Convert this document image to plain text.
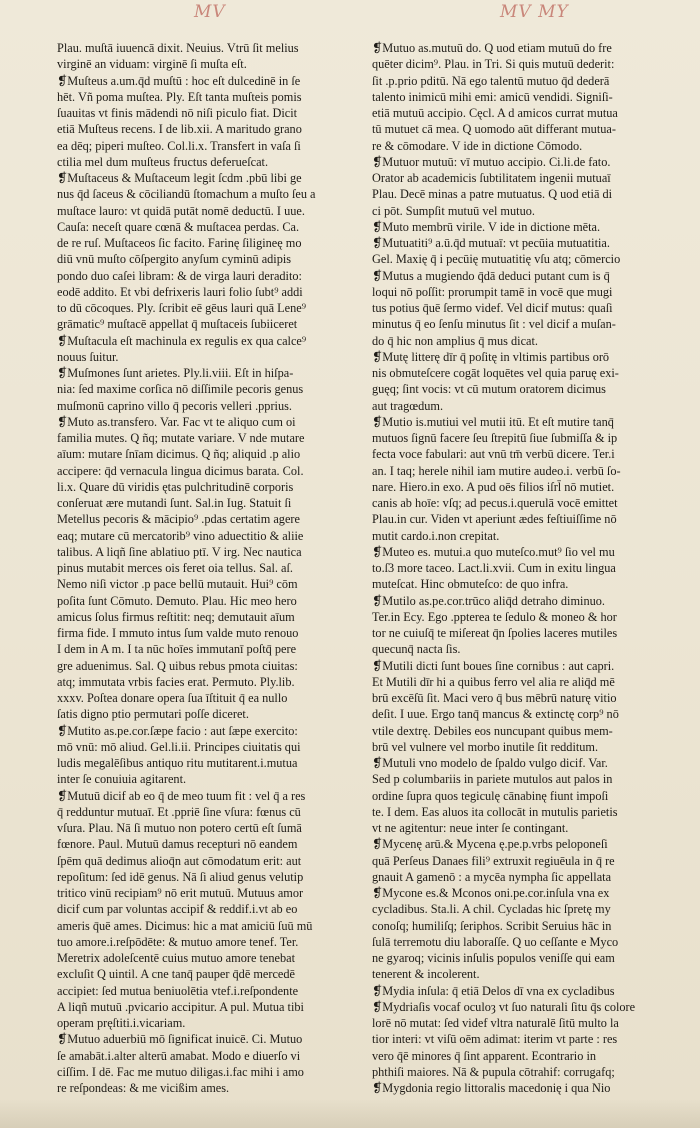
MV	MV MY
Plau. muſtā iuuencā dixit. Neuius. Vtrū ſit melius
virginē an viduam: virginē ſi muſta eſt.
❡Muſteus a.um.q̄d muſtū : hoc eſt dulcedinē in ſe
hēt. Vñ poma muſtea. Ply. Eſt tanta muſteis pomis
ſuauitas vt finis mādendi nō niſi piculo fiat. Dicit
etiā Muſteus recens. I de lib.xii. A maritudo grano
ea dēq; piperi muſteo. Col.li.x. Transfert in vaſa ſi
ctilia mel dum muſteus fructus deferueſcat.
❡Muſtaceus & Muſtaceum legit ſcdm .pbū libi ge
nus q̄d ſaceus & cōciliandū ſtomachum a muſto ſeu a
muſtace lauro: vt quidā putāt nomē deductū. I uue.
Cauſa: neceſt quare cœnā & muſtacea perdas. Ca.
de re ruſ. Muſtaceos ſic facito. Farinę ſiligineę mo
diū vnū muſto cōſpergito anyſum cyminū adipis
pondo duo caſei libram: & de virga lauri deradito:
eodē addito. Et vbi defrixeris lauri folio ſubt⁹ addi
to dū cōcoques. Ply. ſcribit eē gēus lauri quā Lene⁹
grāmatic⁹ muſtacē appellat q̄ muſtaceis ſubiiceret
❡Muſtacula eſt machinula ex regulis ex qua calce⁹
nouus ſuitur.
❡Muſmones ſunt arietes. Ply.li.viii. Eſt in hiſpa-
nia: ſed maxime corſica nō diſſimile pecoris genus
muſmonū caprino villo q̄ pecoris velleri .pprius.
❡Muto as.transfero. Var. Fac vt te aliquo cum oi
familia mutes. Q ñq; mutate variare. V nde mutare
aīum: mutare ſnīam dicimus. Q ñq; aliquid .p alio
accipere: q̄d vernacula lingua dicimus barata. Col.
li.x. Quare dū viridis ętas pulchritudinē corporis
conſeruat ære mutandi ſunt. Sal.in Iug. Statuit ſi
Metellus pecoris & mācipio⁹ .pdas certatim agere
eaq; mutare cū mercatorib⁹ vino aduectitio & aliie
talibus. A liqñ ſine ablatiuo ptī. V irg. Nec nautica
pinus mutabit merces ois feret oia tellus. Sal. aſ.
Nemo niſi victor .p pace bellū mutauit. Hui⁹ cōm
poſita ſunt Cōmuto. Demuto. Plau. Hic meo hero
amicus ſolus firmus reſtitit: neq; demutauit aīum
firma fide. I mmuto intus ſum valde muto renouo
I dem in A m. I ta nūc hoīes immutanī poſtq̄ pere
gre aduenimus. Sal. Q uibus rebus pmota ciuitas:
atq; immutata vrbis facies erat. Permuto. Ply.lib.
xxxv. Poſtea donare opera ſua īſtituit q̄ ea nullo
ſatis digno ptio permutari poſſe diceret.
❡Mutito as.pe.cor.ſæpe facio : aut ſæpe exercito:
mō vnū: mō aliud. Gel.li.ii. Principes ciuitatis qui
ludis megalēſibus antiquo ritu mutitarent.i.mutua
inter ſe conuiuia agitarent.
❡Mutuū dicif ab eo q̄ de meo tuum fit : vel q̄ a res
q̄ redduntur mutuaī. Et .ppriē ſine vſura: fœnus cū
vſura. Plau. Nā ſi mutuo non potero certū eſt ſumā
fœnore. Paul. Mutuū damus recepturi nō eandem
ſpēm quā dedimus alioq̄n aut cōmodatum erit: aut
repoſitum: ſed idē genus. Nā ſi aliud genus velutip
tritico vinū recipiam⁹ nō erit mutuū. Mutuus amor
dicif cum par voluntas accipif & reddif.i.vt ab eo
ameris q̄uē ames. Dicimus: hic a mat amiciū ſuū mū
tuo amore.i.reſpōdēte: & mutuo amore tenef. Ter.
Meretrix adoleſcentē cuius mutuo amore tenebat
excluſit Q uintil. A cne tanq̄ pauper q̄dē mercedē
accipiet: ſed mutua beniuolētia vtef.i.reſpondente
A liqñ mutuū .pvicario accipitur. A pul. Mutua tibi
operam pręſtiti.i.vicariam.
❡Mutuo aduerbiū mō ſignificat inuicē. Ci. Mutuo
ſe amabāt.i.alter alterū amabat. Modo e diuerſo vi
ciſſim. I dē. Fac me mutuo diligas.i.fac mihi i amo
re reſpondeas: & me vicißim ames.
❡Mutuo as.mutuū do. Q uod etiam mutuū do fre
quēter dicim⁹. Plau. in Tri. Si quis mutuū dederit:
ſit .p.prio pditū. Nā ego talentū mutuo q̄d dederā
talento inimicū mihi emi: amicū vendidi. Signiſi-
etiā mutuū accipio. Cęcl. A d amicos currat mutua
tū mutuet cā mea. Q uomodo aūt differant mutua-
re & cōmodare. V ide in dictione Cōmodo.
❡Mutuor mutuū: vī mutuo accipio. Ci.li.de fato.
Orator ab academicis ſubtilitatem ingenii mutuaī
Plau. Decē minas a patre mutuatus. Q uod etiā di
ci pōt. Sumpſit mutuū vel mutuo.
❡Muto membrū virile. V ide in dictione mēta.
❡Mutuatiti⁹ a.ū.q̄d mutuaī: vt pecūia mutuatitia.
Gel. Maxię q̄ i pecūię mutuatitię vſu atq; cōmercio
❡Mutus a mugiendo q̄dā deduci putant cum is q̄
loqui nō poſſit: prorumpit tamē in vocē que mugi
tus potius q̄uē ſermo videf. Vel dicif mutus: quaſi
minutus q̄ eo ſenſu minutus ſit : vel dicif a muſan-
do q̄ hic non amplius q̄ mus dicat.
❡Mutę litterę dīr q̄ poſitę in vltimis partibus orō
nis obmuteſcere cogāt loquētes vel quia paruę exi-
guęq; ſint vocis: vt cū mutum oratorem dicimus
aut tragœdum.
❡Mutio is.mutiui vel mutii itū. Et eſt mutire tanq̄
mutuos ſignū facere ſeu ſtrepitū ſiue ſubmiſſa & ip
fecta voce fabulari: aut vnū tm̄ verbū dicere. Ter.i
an. I taq; herele nihil iam mutire audeo.i. verbū ſo-
nare. Hiero.in exo. A pud oēs filios iſrl̄ nō mutiet.
canis ab hoīe: vſq; ad pecus.i.querulā vocē emittet
Plau.in cur. Viden vt aperiunt ædes feſtiuiſſime nō
mutit cardo.i.non crepitat.
❡Muteo es. mutui.a quo muteſco.mut⁹ ſio vel mu
to.ſ3 more taceo. Lact.li.xvii. Cum in exitu lingua
muteſcat. Hinc obmuteſco: de quo infra.
❡Mutilo as.pe.cor.trūco aliq̄d detraho diminuo.
Ter.in Ecy. Ego .ppterea te ſedulo & moneo & hor
tor ne cuiuſq̄ te miſereat q̄n ſpolies laceres mutiles
quecunq̄ nacta ſis.
❡Mutili dicti ſunt boues ſine cornibus : aut capri.
Et Mutili dīr hi a quibus ferro vel alia re aliq̄d mē
brū excēſū ſit. Maci vero q̄ bus mēbrū naturę vitio
deſit. I uue. Ergo tanq̄ mancus & extinctę corp⁹ nō
vtile dextrę. Debiles eos nuncupant quibus mem-
brū vel vulnere vel morbo inutile ſit redditum.
❡Mutuli vno modelo de ſpaldo vulgo dicif. Var.
Sed p columbariis in pariete mutulos aut palos in
ordine ſupra quos tegiculę cānabinę fiunt impoſi
te. I dem. Eas aluos ita collocāt in mutulis parietis
vt ne agitentur: neue inter ſe contingant.
❡Mycenę arū.& Mycena ę.pe.p.vrbs peloponeſi
quā Perſeus Danaes fili⁹ extruxit regiuēula in q̄ re
gnauit A gamenō : a mycēa nympha ſic appellata
❡Mycone es.& Mconos oni.pe.cor.inſula vna ex
cycladibus. Sta.li. A chil. Cycladas hic ſpretę my
conoſq; humiliſq; ſeriphos. Scribit Seruius hāc in
ſulā terremotu diu laboraſſe. Q uo ceſſante e Myco
ne gyaroq; vicinis inſulis populos veniſſe qui eam
tenerent & incolerent.
❡Mydia inſula: q̄ etiā Delos dī vna ex cycladibus
❡Mydriaſis vocaf oculoȝ vt ſuo naturali ſitu q̄s colore
lorē nō mutat: ſed videf vltra naturalē ſitū multo la
tior interi: vt viſū oēm adimat: iterim vt parte : res
vero q̄ē minores q̄ ſint apparent. Econtrario in
phthiſi maiores. Nā & pupula cōtrahif: corrugafq;
❡Mygdonia regio littoralis macedonię i qua Nio
